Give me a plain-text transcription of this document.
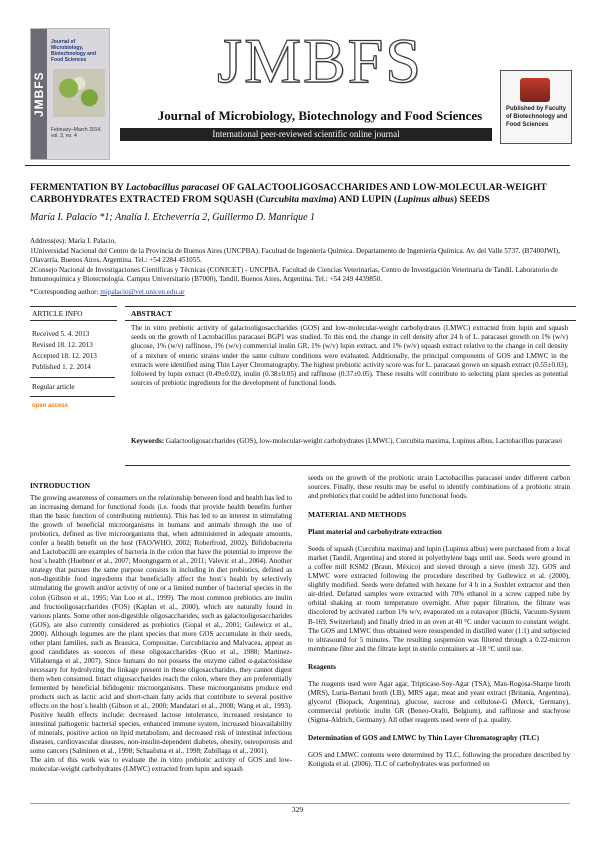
JMBFS
Journal of Microbiology, Biotechnology and Food Sciences
February–March 2014, vol. 3, no. 4
JMBFS
Journal of Microbiology, Biotechnology and Food Sciences
International peer-reviewed scientific online journal
Published by Faculty of Biotechnology and Food Sciences
FERMENTATION BY Lactobacillus paracasei OF GALACTOOLIGOSACCHARIDES AND LOW-MOLECULAR-WEIGHT CARBOHYDRATES EXTRACTED FROM SQUASH (Curcubita maxima) AND LUPIN (Lupinus albus) SEEDS
María I. Palacio *1; Analía I. Etcheverría 2, Guillermo D. Manrique 1
Address(es): María I. Palacio,
1Universidad Nacional del Centro de la Provincia de Buenos Aires (UNCPBA). Facultad de Ingeniería Química. Departamento de Ingeniería Química. Av. del Valle 5737. (B7400JWI), Olavarría, Buenos Aires, Argentina. Tel.: +54 2284 451055.
2Consejo Nacional de Investigaciones Científicas y Técnicas (CONICET) - UNCPBA. Facultad de Ciencias Veterinarias, Centro de Investigación Veterinaria de Tandil. Laboratorio de Inmunoquímica y Biotecnología. Campus Universitario (B7000), Tandil, Buenos Aires, Argentina. Tel.: +54 249 4439850.
*Corresponding author: mipalacio@vet.unicen.edu.ar
ARTICLE INFO
Received 5. 4. 2013
Revised 18. 12. 2013
Accepted 18. 12. 2013
Published 1. 2. 2014
Regular article
open access
ABSTRACT
The in vitro prebiotic activity of galactooligosaccharides (GOS) and low-molecular-weight carbohydrates (LMWC) extracted from lupin and squash seeds on the growth of Lactobacillus paracasei BGP1 was studied. To this end, the change in cell density after 24 h of L. paracasei growth on 1% (w/v) glucose, 1% (w/v) raffinose, 1% (w/v) commercial inulin GR, 1% (w/v) lupin extract, and 1% (w/v) squash extract relative to the change in cell density of a mixture of enteric strains under the same culture conditions were evaluated. Additionally, the principal components of GOS and LMWC in the extracts were identified using Thin Layer Chromatography. The highest prebiotic activity score was for L. paracasei grown on squash extract (0.55±0.03), followed by lupin extract (0.49±0.02), inulin (0.38±0.05) and raffinose (0.37±0.05). These results will contribute to selecting plant species as potential sources of prebiotic ingredients for the development of functional foods.
Keywords: Galactooligosaccharides (GOS), low-molecular-weight carbohydrates (LMWC), Curcubita maxima, Lupinus albus, Lactobacillus paracasei
INTRODUCTION
The growing awareness of consumers on the relationship between food and health has led to an increasing demand for functional foods (i.e. foods that provide health benefits further than the basic function of contributing nutrients). This has led to an interest in stimulating the growth of beneficial microorganisms in humans and animals through the use of probiotics, defined as live microorganisms that, when administered in adequate amounts, confer a health benefit on the host (FAO/WHO, 2002; Roberfroid, 2002). Bifidobacteria and Lactobacilli are examples of bacteria in the colon that have the potential to improve the host´s health (Huebner et al., 2007; Moongngarm et al., 2011; Valevic et al., 2004). Another strategy that pursues the same purpose consists in including in diet prebiotics, defined as non-digestible food ingredients that beneficially affect the host´s health by selectively stimulating the growth and/or activity of one or a limited number of bacterial species in the colon (Gibson et al., 1995; Van Loo et al., 1999). The most common prebiotics are inulin and fructooligosaccharides (FOS) (Kaplan et al., 2000), which are naturally found in various plants. Some other non-digestible oligosaccharides, such as galactooligosaccharides (GOS), are also currently considered as prebiotics (Gopal et al., 2001; Gulewicz et al., 2000). Although legumes are the plant species that more GOS accumulate in their seeds, other plant families, such as Brassica, Compositae, Curcubitacea and Malvacea, appear as good candidates as sources of these oligosaccharides (Kuo et al., 1988; Martinez-Villaluenga et al., 2007). Since humans do not possess the enzyme called α-galactosidase necessary for hydrolyzing the linkage present in these oligosaccharides, they cannot digest them when consumed. Intact oligosaccharides reach the colon, where they are preferentially fermented by beneficial bifidogenic microorganisms. These microorganisms produce end products such as lactic acid and short-chain fatty acids that contribute to several positive effects on the host´s health (Gibson et al., 2000; Mandatari et al., 2008; Wang et al., 1993). Positive health effects include: decreased lactose intolerance, increased resistance to intestinal pathogenic bacterial species, enhanced immune system, increased bioavailability of minerals, positive action on lipid metabolism, and decreased risk of intestinal infectious diseases, cardiovascular diseases, non-insulin-dependent diabetes, obesity, osteoporosis and some cancers (Salminen et al., 1998; Schaafsma et al., 1998; Zubillaga et al., 2001).
The aim of this work was to evaluate the in vitro prebiotic activity of GOS and low-molecular-weight carbohydrates (LMWC) extracted from lupin and squash
seeds on the growth of the probiotic strain Lactobacillus paracasei under different carbon sources. Finally, these results may be useful to identify combinations of a probiotic strain and prebiotics that could be added into functional foods.
MATERIAL AND METHODS
Plant material and carbohydrate extraction
Seeds of squash (Curcubita maxima) and lupin (Lupinus albus) were purchased from a local market (Tandil, Argentina) and stored in polyethylene bags until use. Seeds were ground in a coffee mill KSM2 (Braun, México) and sieved through a sieve (mesh 32). GOS and LMWC were extracted following the procedure described by Gullewicz et al. (2000), slightly modified. Seeds were defatted with hexane for 4 h in a Soxhlet extractor and then air-dried. Defatted samples were extracted with 70% ethanol in a screw capped tube by orbital shaking at room temperature overnight. After paper filtration, the filtrate was discolored by activated carbon 1% w/v, evaporated on a rotavapor (Büchi, Vacuum-System B-169, Switzerland) and finally dried in an oven at 40 °C under vacuum to constant weight. The GOS and LMWC thus obtained were resuspended in distilled water (1:1) and subjected to ultrasound for 5 minutes. The resulting suspension was filtered through a 0.22-micron membrane filter and the filtrate kept in sterile containers at -18 °C until use.
Reagents
The reagents used were Agar agar, Tripticase-Soy-Agar (TSA), Man-Rogosa-Sharpe broth (MRS), Luria-Bertani broth (LB), MRS agar, meat and yeast extract (Britania, Argentina), glycerol (Biopack, Argentina), glucose, sucrose and cellulose-G (Merck, Germany), commercial prebiotic inulin GR (Beneo-Orafti, Belgium), and raffinose and stachyose (Sigma-Aldrich, Germany). All other reagents used were of p.a. quality.
Determination of GOS and LMWC by Thin Layer Chromatography (TLC)
GOS and LMWC contents were determined by TLC, following the procedure described by Kotiguda et al. (2006). TLC of carbohydrates was performed on
329
